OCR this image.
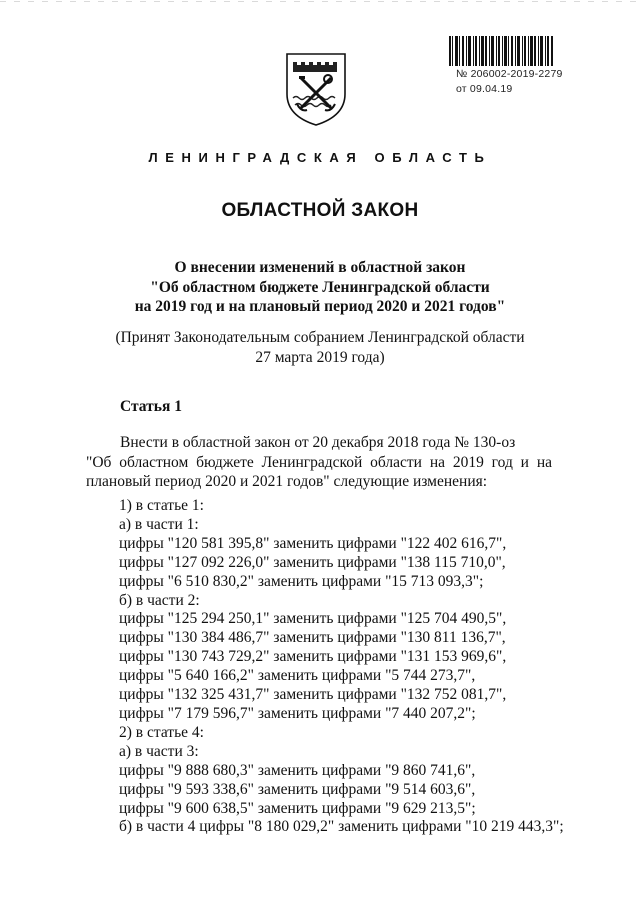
№ 206002-2019-2279
от 09.04.19
ЛЕНИНГРАДСКАЯ ОБЛАСТЬ
ОБЛАСТНОЙ ЗАКОН
О внесении изменений в областной закон
"Об областном бюджете Ленинградской области
на 2019 год и на плановый период 2020 и 2021 годов"
(Принят Законодательным собранием Ленинградской области
27 марта 2019 года)
Статья 1
Внести в областной закон от 20 декабря 2018 года № 130-оз
"Об областном бюджете Ленинградской области на 2019 год и на плановый период 2020 и 2021 годов" следующие изменения:
1) в статье 1:
а) в части 1:
цифры "120 581 395,8" заменить цифрами "122 402 616,7",
цифры "127 092 226,0" заменить цифрами "138 115 710,0",
цифры "6 510 830,2" заменить цифрами "15 713 093,3";
б) в части 2:
цифры "125 294 250,1" заменить цифрами "125 704 490,5",
цифры "130 384 486,7" заменить цифрами "130 811 136,7",
цифры "130 743 729,2" заменить цифрами "131 153 969,6",
цифры "5 640 166,2" заменить цифрами "5 744 273,7",
цифры "132 325 431,7" заменить цифрами "132 752 081,7",
цифры "7 179 596,7" заменить цифрами "7 440 207,2";
2) в статье 4:
а) в части 3:
цифры "9 888 680,3" заменить цифрами "9 860 741,6",
цифры "9 593 338,6" заменить цифрами "9 514 603,6",
цифры "9 600 638,5" заменить цифрами "9 629 213,5";
б) в части 4 цифры "8 180 029,2" заменить цифрами "10 219 443,3";
